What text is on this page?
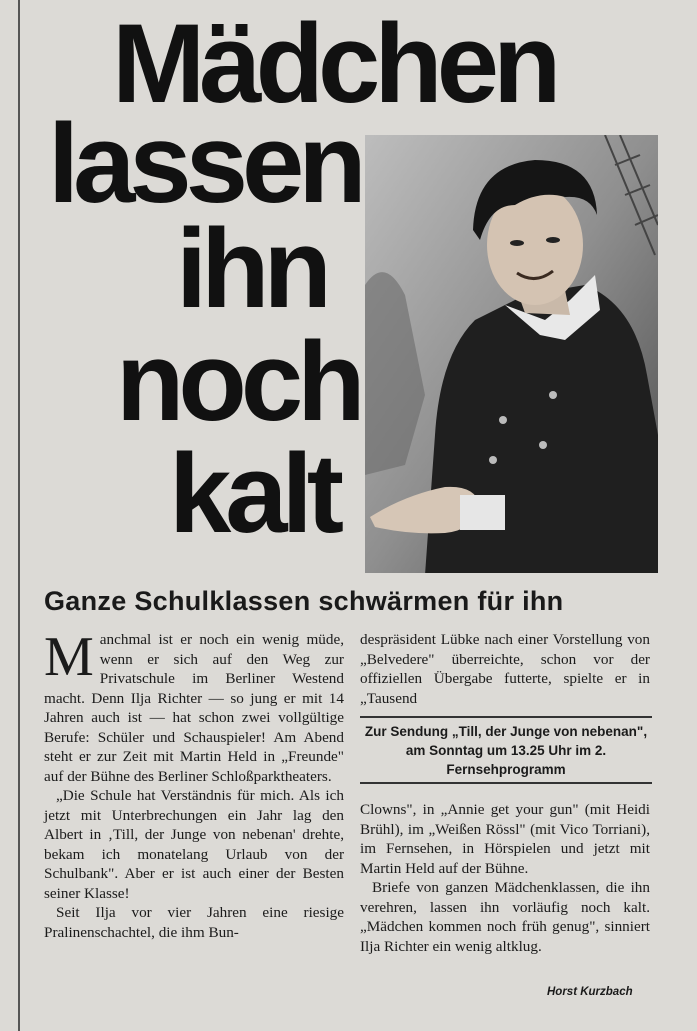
Mädchen
lassen
ihn
noch
kalt
Ganze Schulklassen schwärmen für ihn

Manchmal ist er noch ein wenig müde, wenn er sich auf den Weg zur Privatschule im Berliner Westend macht. Denn Ilja Richter — so jung er mit 14 Jahren auch ist — hat schon zwei vollgültige Berufe: Schüler und Schauspieler! Am Abend steht er zur Zeit mit Martin Held in „Freunde" auf der Bühne des Berliner Schloßparktheaters.

„Die Schule hat Verständnis für mich. Als ich jetzt mit Unterbrechungen ein Jahr lag den Albert in ‚Till, der Junge von nebenan' drehte, bekam ich monatelang Urlaub von der Schulbank". Aber er ist auch einer der Besten seiner Klasse!

Seit Ilja vor vier Jahren eine riesige Pralinenschachtel, die ihm Bun-

despräsident Lübke nach einer Vorstellung von „Belvedere" überreichte, schon vor der offiziellen Übergabe futterte, spielte er in „Tausend

Zur Sendung „Till, der Junge von nebenan", am Sonntag um 13.25 Uhr im 2. Fernsehprogramm

Clowns", in „Annie get your gun" (mit Heidi Brühl), im „Weißen Rössl" (mit Vico Torriani), im Fernsehen, in Hörspielen und jetzt mit Martin Held auf der Bühne.

Briefe von ganzen Mädchenklassen, die ihn verehren, lassen ihn vorläufig noch kalt. „Mädchen kommen noch früh genug", sinniert Ilja Richter ein wenig altklug.

Horst Kurzbach
